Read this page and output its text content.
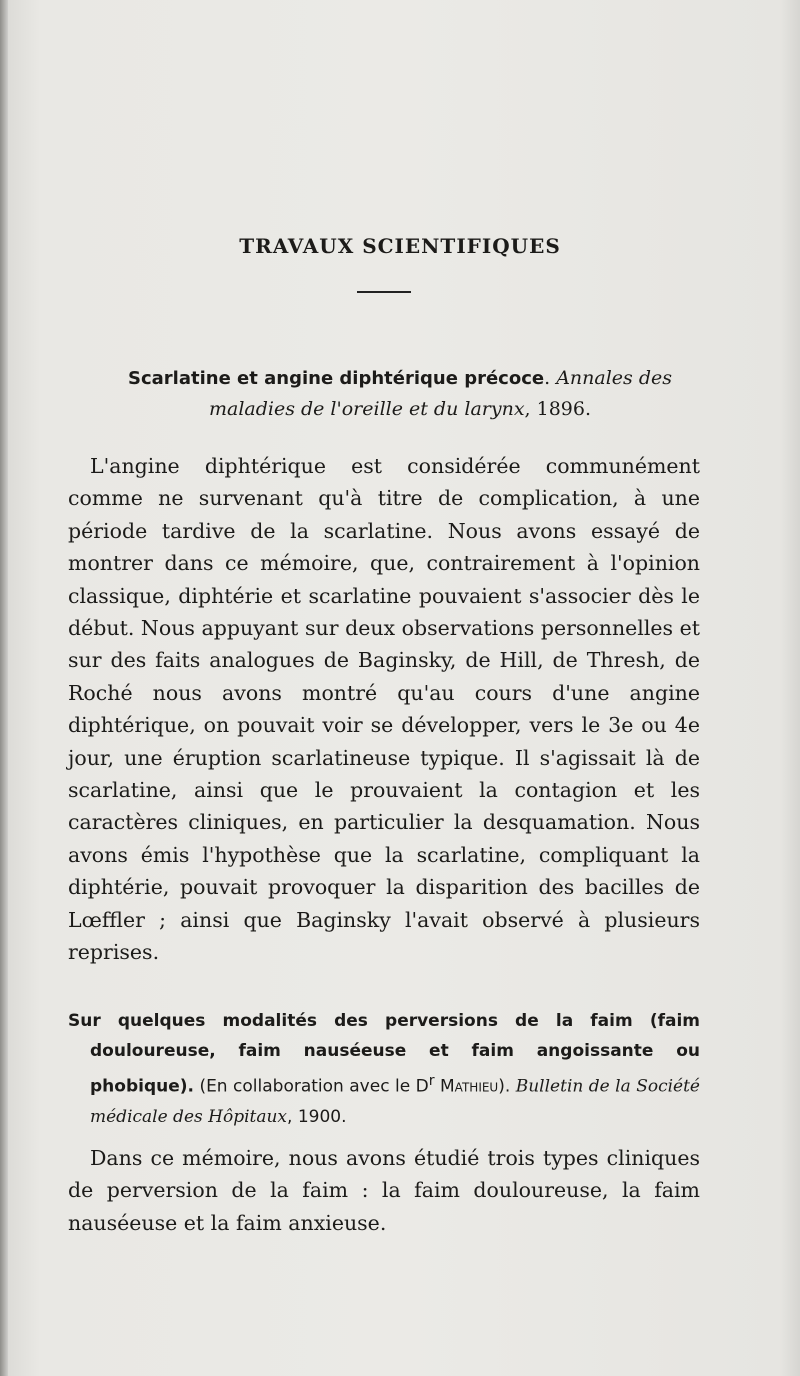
TRAVAUX SCIENTIFIQUES
Scarlatine et angine diphtérique précoce. Annales des maladies de l'oreille et du larynx, 1896.
L'angine diphtérique est considérée communément comme ne survenant qu'à titre de complication, à une période tardive de la scarlatine. Nous avons essayé de montrer dans ce mémoire, que, contrairement à l'opinion classique, diphtérie et scarlatine pouvaient s'associer dès le début. Nous appuyant sur deux observations personnelles et sur des faits analogues de Baginsky, de Hill, de Thresh, de Roché nous avons montré qu'au cours d'une angine diphtérique, on pouvait voir se développer, vers le 3e ou 4e jour, une éruption scarlatineuse typique. Il s'agissait là de scarlatine, ainsi que le prouvaient la contagion et les caractères cliniques, en particulier la desquamation. Nous avons émis l'hypothèse que la scarlatine, compliquant la diphtérie, pouvait provoquer la disparition des bacilles de Lœffler ; ainsi que Baginsky l'avait observé à plusieurs reprises.
Sur quelques modalités des perversions de la faim (faim douloureuse, faim nauséeuse et faim angoissante ou phobique). (En collaboration avec le $D^r$ Mathieu). Bulletin de la Société médicale des Hôpitaux, 1900.
Dans ce mémoire, nous avons étudié trois types cliniques de perversion de la faim : la faim douloureuse, la faim nauséeuse et la faim anxieuse.
